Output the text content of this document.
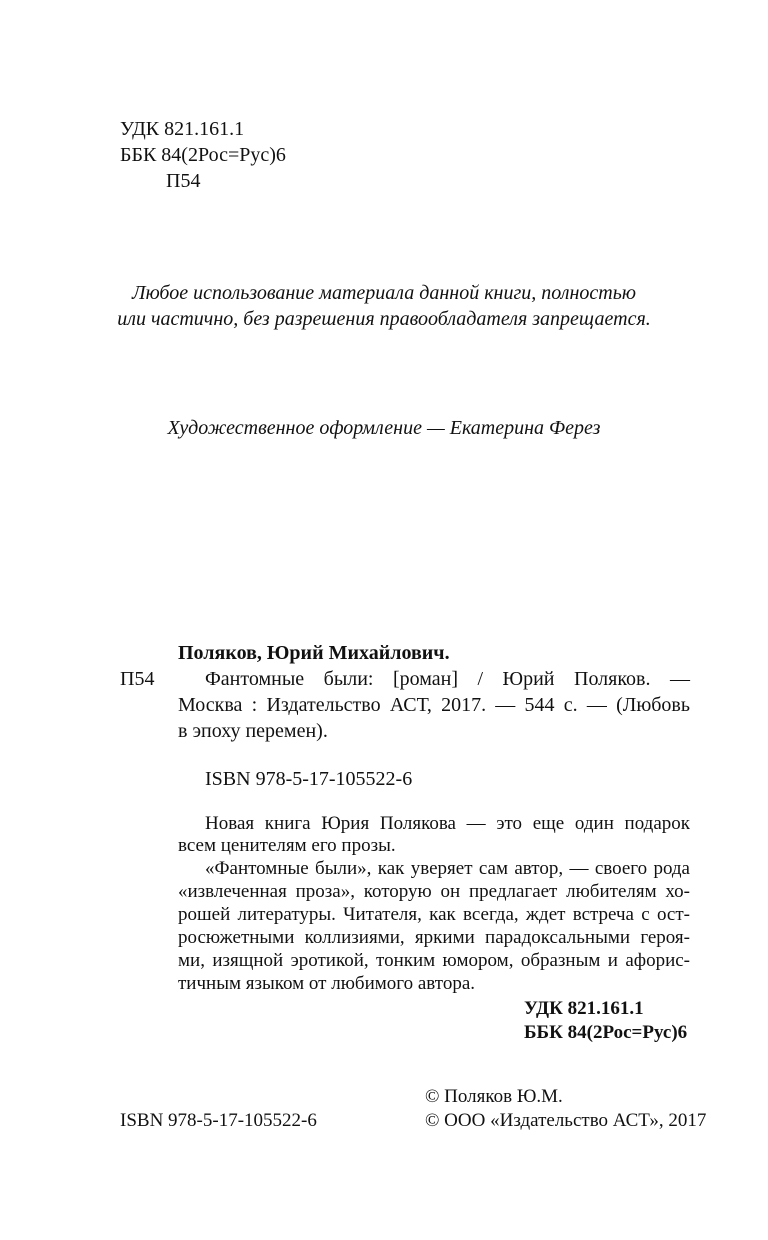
УДК 821.161.1
ББК 84(2Рос=Рус)6
П54
Любое использование материала данной книги, полностью
или частично, без разрешения правообладателя запрещается.
Художественное оформление — Екатерина Ферез
Поляков, Юрий Михайлович.
П54	Фантомные были: [роман] / Юрий Поляков. —
Москва : Издательство АСТ, 2017. — 544 с. — (Любовь
в эпоху перемен).
ISBN 978-5-17-105522-6
Новая книга Юрия Полякова — это еще один подарок
всем ценителям его прозы.
«Фантомные были», как уверяет сам автор, — своего рода
«извлеченная проза», которую он предлагает любителям хо-
рошей литературы. Читателя, как всегда, ждет встреча с ост-
росюжетными коллизиями, яркими парадоксальными героя-
ми, изящной эротикой, тонким юмором, образным и афорис-
тичным языком от любимого автора.
УДК 821.161.1
ББК 84(2Рос=Рус)6
© Поляков Ю.М.
ISBN 978-5-17-105522-6	© ООО «Издательство АСТ», 2017
